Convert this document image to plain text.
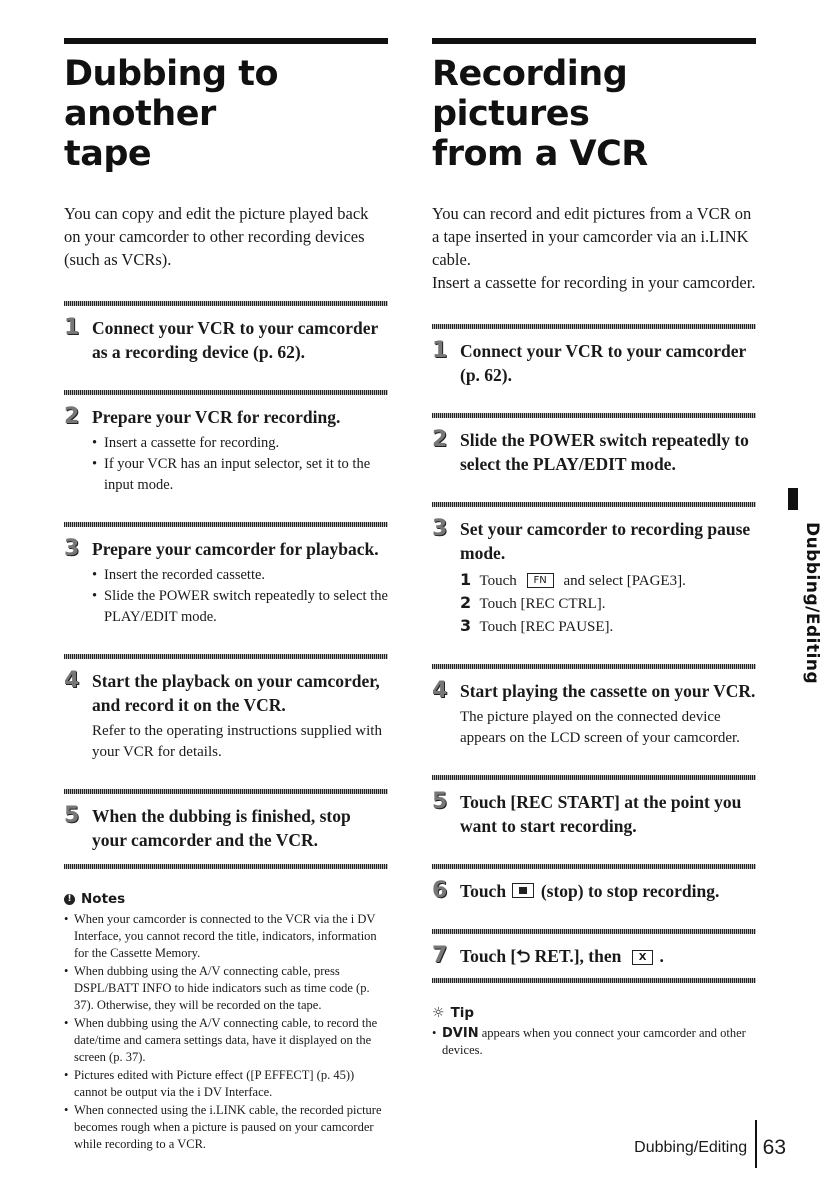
Dubbing to another
tape

You can copy and edit the picture played back on your camcorder to other recording devices (such as VCRs).

1 Connect your VCR to your camcorder as a recording device (p. 62).
2 Prepare your VCR for recording.
• Insert a cassette for recording.
• If your VCR has an input selector, set it to the input mode.
3 Prepare your camcorder for playback.
• Insert the recorded cassette.
• Slide the POWER switch repeatedly to select the PLAY/EDIT mode.
4 Start the playback on your camcorder, and record it on the VCR.
Refer to the operating instructions supplied with your VCR for details.
5 When the dubbing is finished, stop your camcorder and the VCR.
! Notes
• When your camcorder is connected to the VCR via the i DV Interface, you cannot record the title, indicators, information for the Cassette Memory.
• When dubbing using the A/V connecting cable, press DSPL/BATT INFO to hide indicators such as time code (p. 37). Otherwise, they will be recorded on the tape.
• When dubbing using the A/V connecting cable, to record the date/time and camera settings data, have it displayed on the screen (p. 37).
• Pictures edited with Picture effect ([P EFFECT] (p. 45)) cannot be output via the i DV Interface.
• When connected using the i.LINK cable, the recorded picture becomes rough when a picture is paused on your camcorder while recording to a VCR.
Recording pictures
from a VCR

You can record and edit pictures from a VCR on a tape inserted in your camcorder via an i.LINK cable.

Insert a cassette for recording in your camcorder.

1 Connect your VCR to your camcorder (p. 62).
2 Slide the POWER switch repeatedly to select the PLAY/EDIT mode.
3 Set your camcorder to recording pause mode.
1 Touch FN and select [PAGE3].
2 Touch [REC CTRL].
3 Touch [REC PAUSE].
4 Start playing the cassette on your VCR.
The picture played on the connected device appears on the LCD screen of your camcorder.
5 Touch [REC START] at the point you want to start recording.
6 Touch (stop) to stop recording.
7 Touch [⮌ RET.], then X .
☼ Tip
• DVIN appears when you connect your camcorder and other devices.
Dubbing/Editing
Dubbing/Editing 63
